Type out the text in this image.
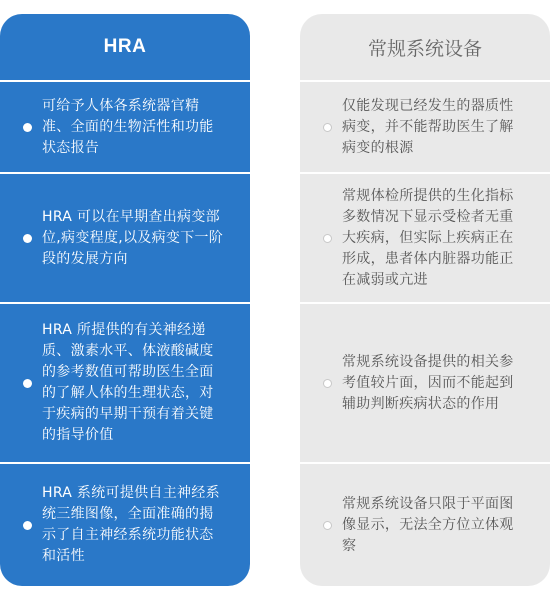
HRA
可给予人体各系统器官精准、全面的生物活性和功能状态报告
HRA 可以在早期查出病变部位,病变程度,以及病变下一阶段的发展方向
HRA 所提供的有关神经递质、激素水平、体液酸碱度的参考数值可帮助医生全面的了解人体的生理状态，对于疾病的早期干预有着关键的指导价值
HRA 系统可提供自主神经系统三维图像，全面准确的揭示了自主神经系统功能状态和活性
常规系统设备
仅能发现已经发生的器质性病变，并不能帮助医生了解病变的根源
常规体检所提供的生化指标多数情况下显示受检者无重大疾病，但实际上疾病正在形成，患者体内脏器功能正在减弱或亢进
常规系统设备提供的相关参考值较片面，因而不能起到辅助判断疾病状态的作用
常规系统设备只限于平面图像显示，无法全方位立体观察
